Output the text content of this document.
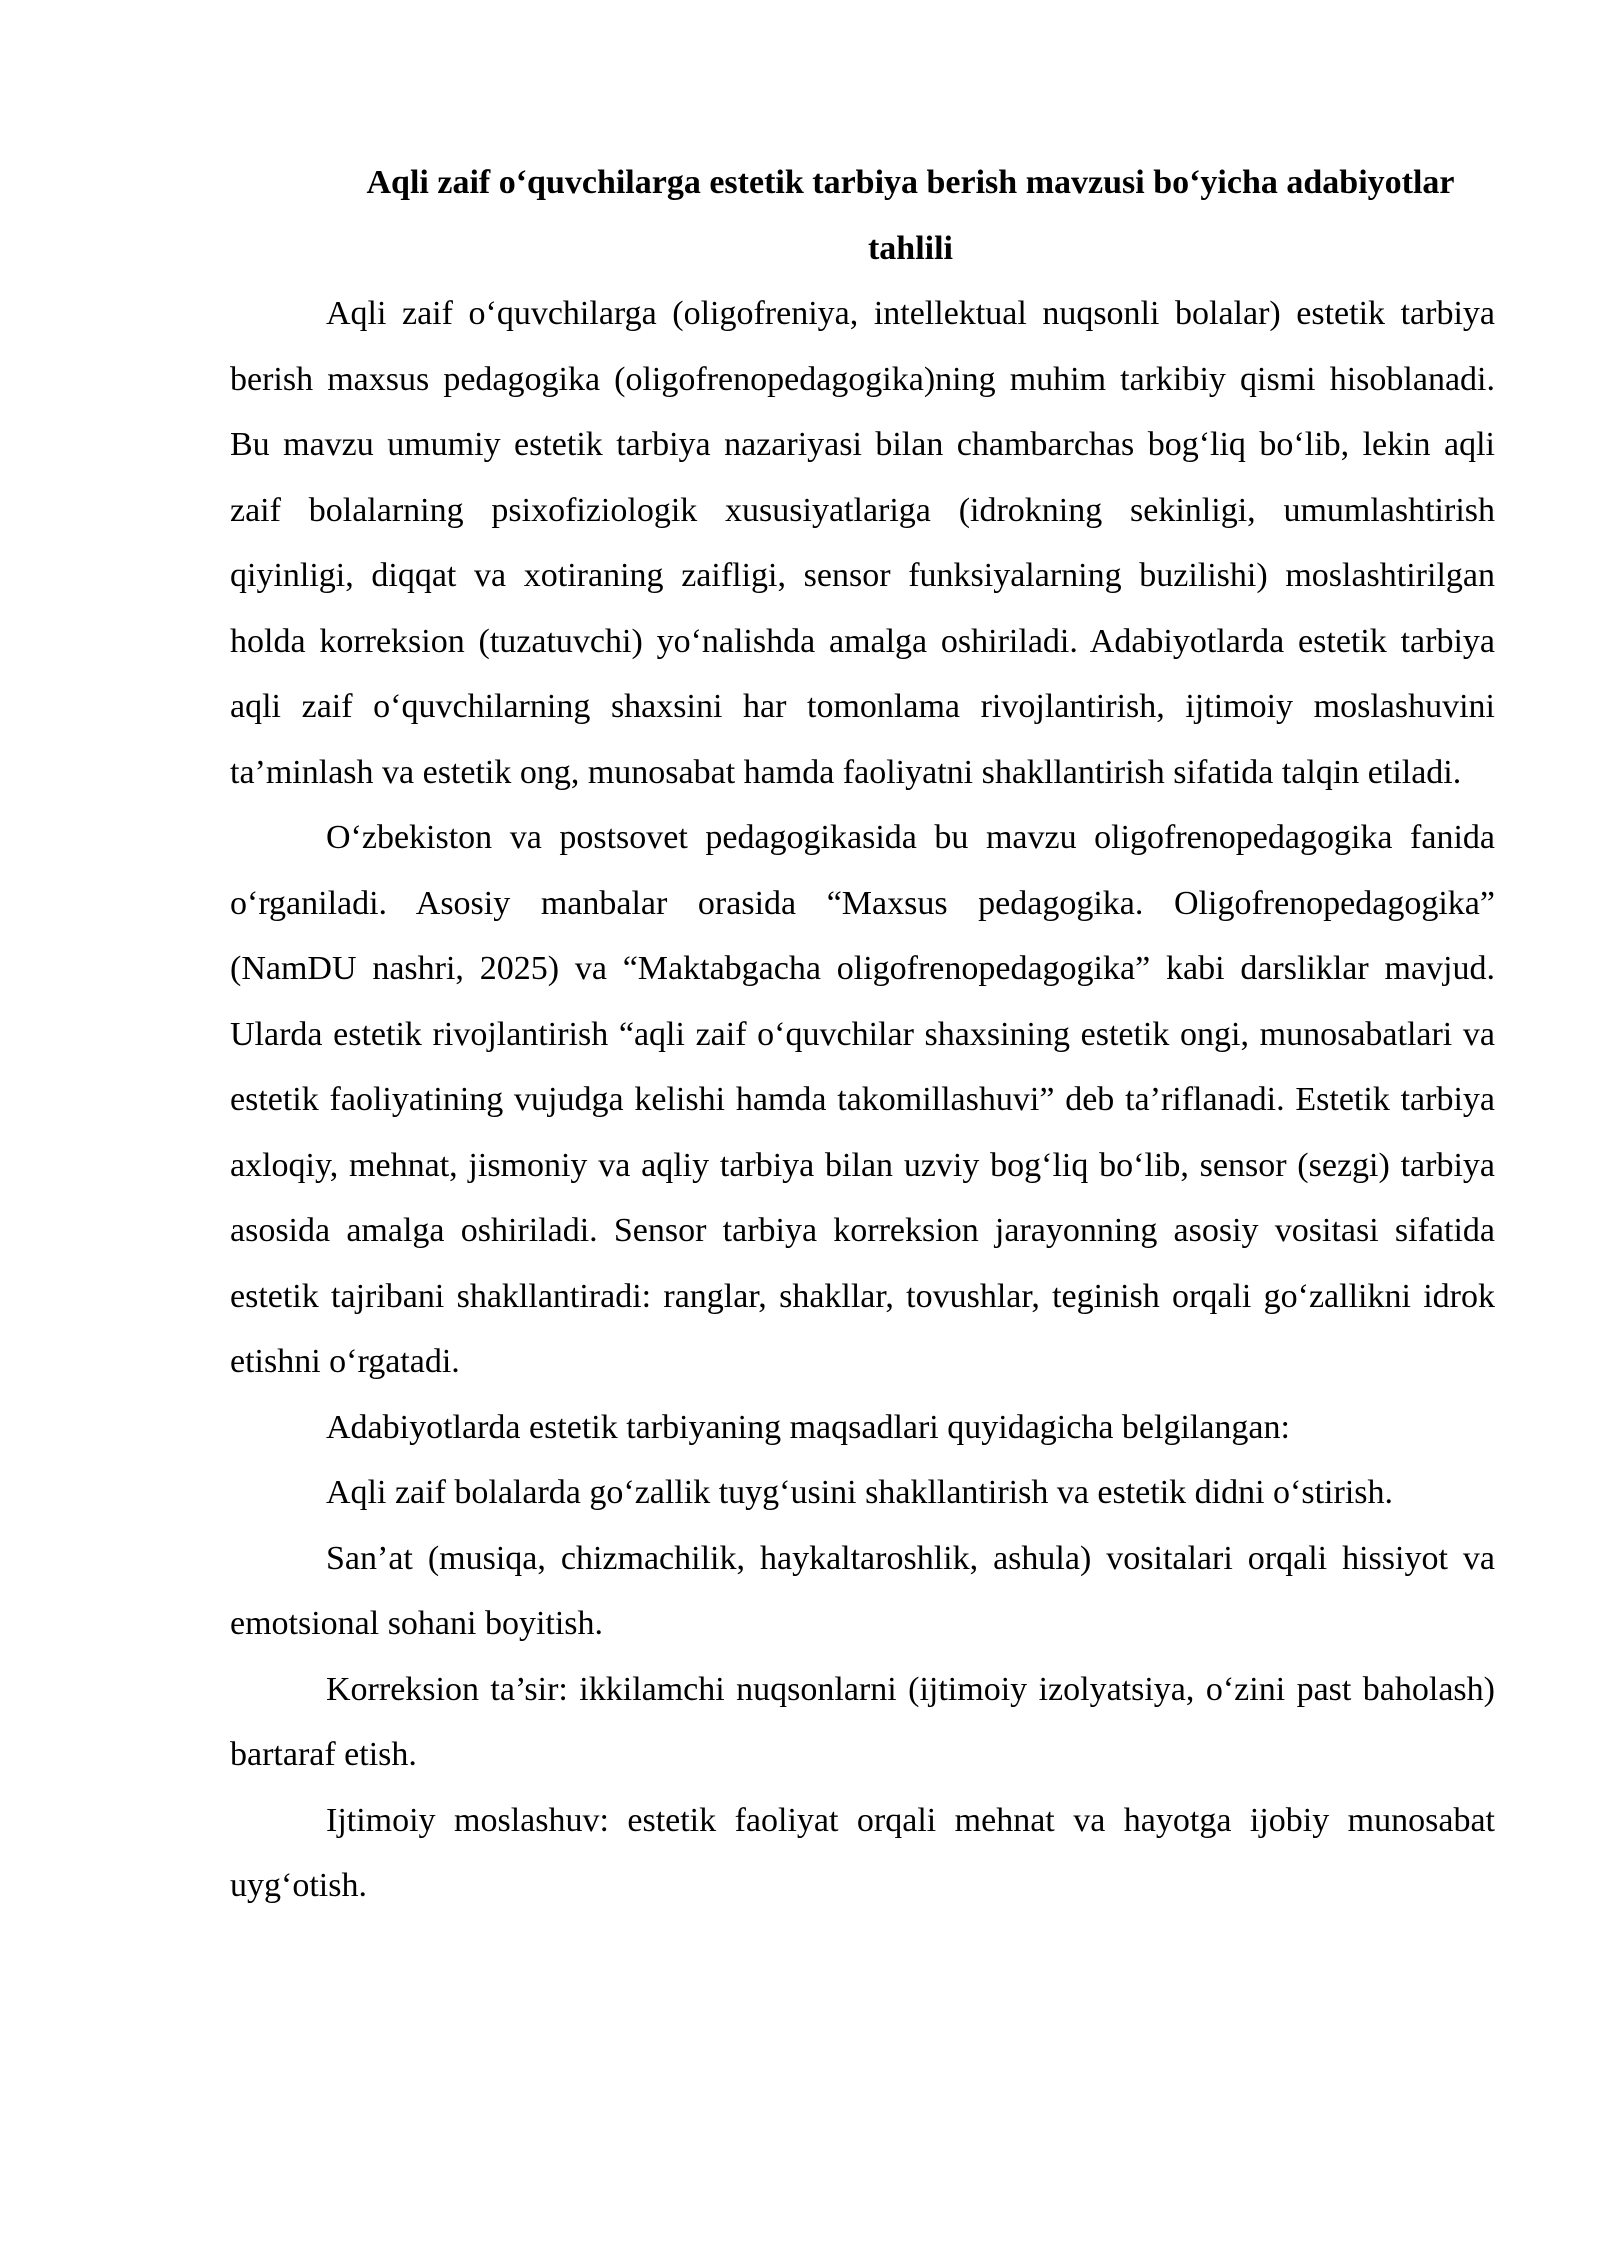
Aqli zaif o‘quvchilarga estetik tarbiya berish mavzusi bo‘yicha adabiyotlar tahlili

Aqli zaif o‘quvchilarga (oligofreniya, intellektual nuqsonli bolalar) estetik tarbiya berish maxsus pedagogika (oligofrenopedagogika)ning muhim tarkibiy qismi hisoblanadi. Bu mavzu umumiy estetik tarbiya nazariyasi bilan chambarchas bog‘liq bo‘lib, lekin aqli zaif bolalarning psixofiziologik xususiyatlariga (idrokning sekinligi, umumlashtirish qiyinligi, diqqat va xotiraning zaifligi, sensor funksiyalarning buzilishi) moslashtirilgan holda korreksion (tuzatuvchi) yo‘nalishda amalga oshiriladi. Adabiyotlarda estetik tarbiya aqli zaif o‘quvchilarning shaxsini har tomonlama rivojlantirish, ijtimoiy moslashuvini ta’minlash va estetik ong, munosabat hamda faoliyatni shakllantirish sifatida talqin etiladi.

O‘zbekiston va postsovet pedagogikasida bu mavzu oligofrenopedagogika fanida o‘rganiladi. Asosiy manbalar orasida “Maxsus pedagogika. Oligofrenopedagogika” (NamDU nashri, 2025) va “Maktabgacha oligofrenopedagogika” kabi darsliklar mavjud. Ularda estetik rivojlantirish “aqli zaif o‘quvchilar shaxsining estetik ongi, munosabatlari va estetik faoliyatining vujudga kelishi hamda takomillashuvi” deb ta’riflanadi. Estetik tarbiya axloqiy, mehnat, jismoniy va aqliy tarbiya bilan uzviy bog‘liq bo‘lib, sensor (sezgi) tarbiya asosida amalga oshiriladi. Sensor tarbiya korreksion jarayonning asosiy vositasi sifatida estetik tajribani shakllantiradi: ranglar, shakllar, tovushlar, teginish orqali go‘zallikni idrok etishni o‘rgatadi.

Adabiyotlarda estetik tarbiyaning maqsadlari quyidagicha belgilangan:

Aqli zaif bolalarda go‘zallik tuyg‘usini shakllantirish va estetik didni o‘stirish.

San’at (musiqa, chizmachilik, haykaltaroshlik, ashula) vositalari orqali hissiyot va emotsional sohani boyitish.

Korreksion ta’sir: ikkilamchi nuqsonlarni (ijtimoiy izolyatsiya, o‘zini past baholash) bartaraf etish.

Ijtimoiy moslashuv: estetik faoliyat orqali mehnat va hayotga ijobiy munosabat uyg‘otish.
